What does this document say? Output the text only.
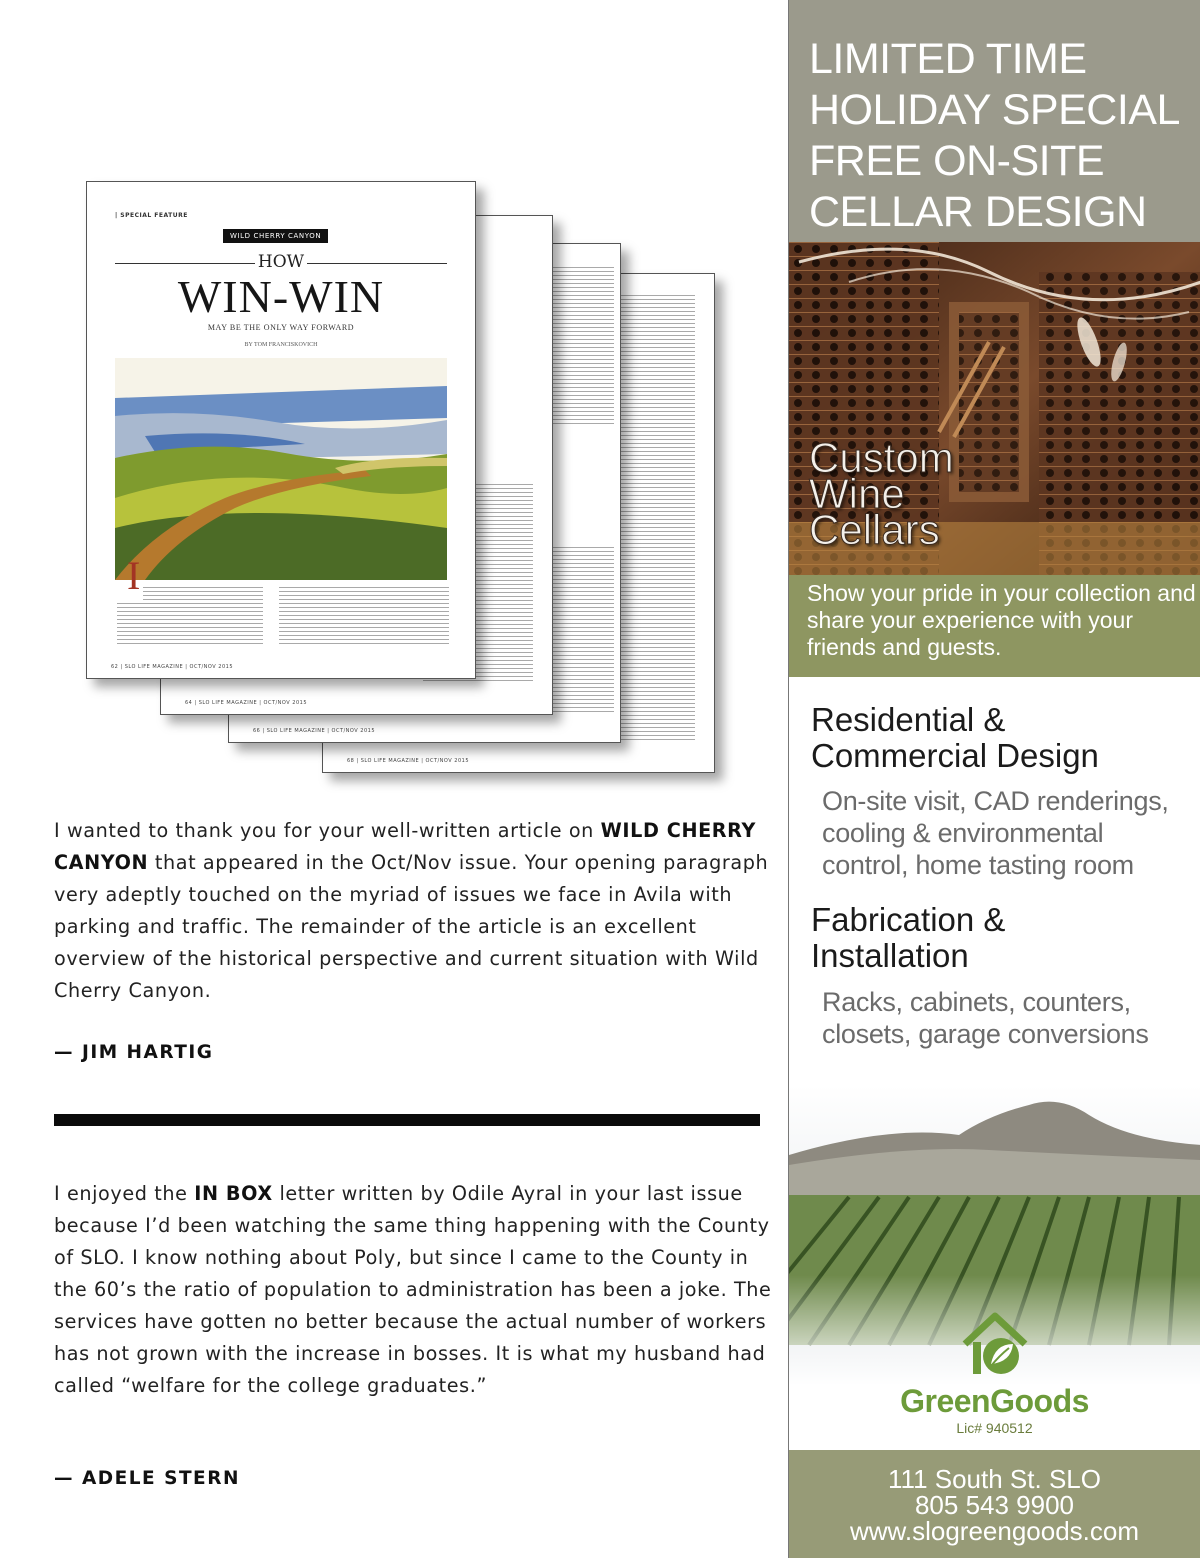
68 | SLO LIFE MAGAZINE | OCT/NOV 2015
66 | SLO LIFE MAGAZINE | OCT/NOV 2015
64 | SLO LIFE MAGAZINE | OCT/NOV 2015
| SPECIAL FEATURE
WILD CHERRY CANYON
HOW
WIN-WIN
MAY BE THE ONLY WAY FORWARD
BY TOM FRANCISKOVICH
I
62 | SLO LIFE MAGAZINE | OCT/NOV 2015
I wanted to thank you for your well-written article on WILD CHERRY CANYON that appeared in the Oct/Nov issue. Your opening paragraph very adeptly touched on the myriad of issues we face in Avila with parking and traffic. The remainder of the article is an excellent overview of the historical perspective and current situation with Wild Cherry Canyon.
— JIM HARTIG
I enjoyed the IN BOX letter written by Odile Ayral in your last issue because I’d been watching the same thing happening with the County of SLO. I know nothing about Poly, but since I came to the County in the 60’s the ratio of population to administration has been a joke. The services have gotten no better because the actual number of workers has not grown with the increase in bosses. It is what my husband had called “welfare for the college graduates.”
— ADELE STERN
LIMITED TIME
HOLIDAY SPECIAL
FREE ON-SITE
CELLAR DESIGN
Custom
Wine
Cellars
Show your pride in your collection and share your experience with your friends and guests.
Residential & Commercial Design
On-site visit, CAD renderings, cooling & environmental control, home tasting room
Fabrication & Installation
Racks, cabinets, counters, closets, garage conversions
GreenGoods
Lic# 940512
111 South St. SLO
805 543 9900
www.slogreengoods.com
